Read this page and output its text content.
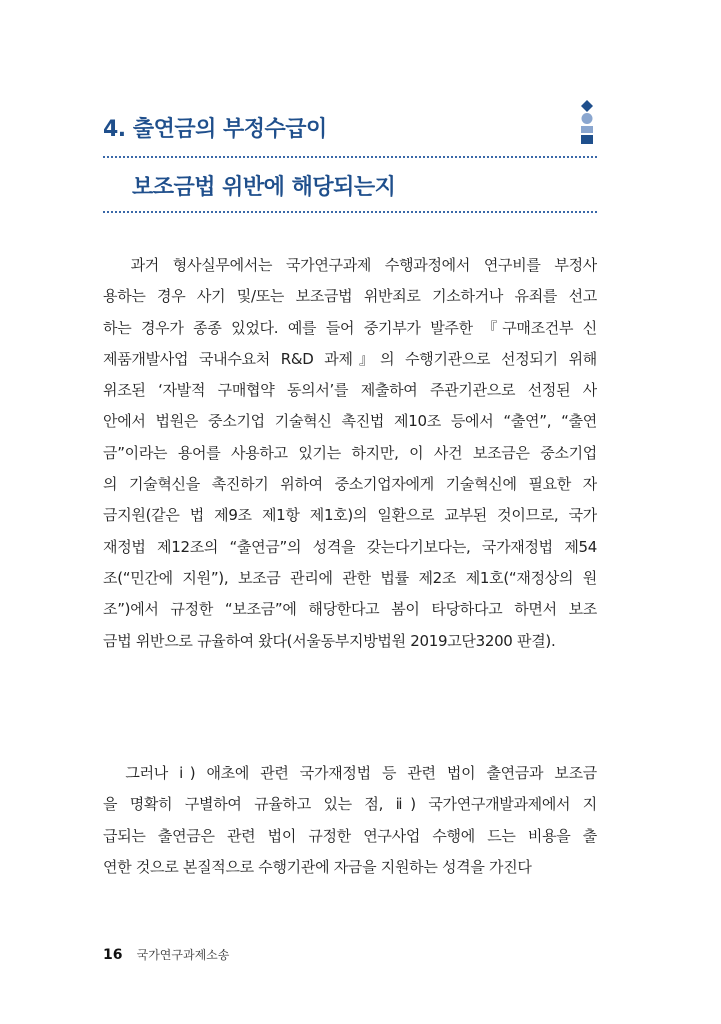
4. 출연금의 부정수급이
보조금법 위반에 해당되는지
과거 형사실무에서는 국가연구과제 수행과정에서 연구비를 부정사
용하는 경우 사기 및/또는 보조금법 위반죄로 기소하거나 유죄를 선고
하는 경우가 종종 있었다. 예를 들어 중기부가 발주한 『구매조건부 신
제품개발사업 국내수요처 R&D 과제』의 수행기관으로 선정되기 위해
위조된 ‘자발적 구매협약 동의서’를 제출하여 주관기관으로 선정된 사
안에서 법원은 중소기업 기술혁신 촉진법 제10조 등에서 “출연”, “출연
금”이라는 용어를 사용하고 있기는 하지만, 이 사건 보조금은 중소기업
의 기술혁신을 촉진하기 위하여 중소기업자에게 기술혁신에 필요한 자
금지원(같은 법 제9조 제1항 제1호)의 일환으로 교부된 것이므로, 국가
재정법 제12조의 “출연금”의 성격을 갖는다기보다는, 국가재정법 제54
조(“민간에 지원”), 보조금 관리에 관한 법률 제2조 제1호(“재정상의 원
조”)에서 규정한 “보조금”에 해당한다고 봄이 타당하다고 하면서 보조
금법 위반으로 규율하여 왔다(서울동부지방법원 2019고단3200 판결).
그러나 ⅰ) 애초에 관련 국가재정법 등 관련 법이 출연금과 보조금
을 명확히 구별하여 규율하고 있는 점, ⅱ) 국가연구개발과제에서 지
급되는 출연금은 관련 법이 규정한 연구사업 수행에 드는 비용을 출
연한 것으로 본질적으로 수행기관에 자금을 지원하는 성격을 가진다
16 국가연구과제소송
